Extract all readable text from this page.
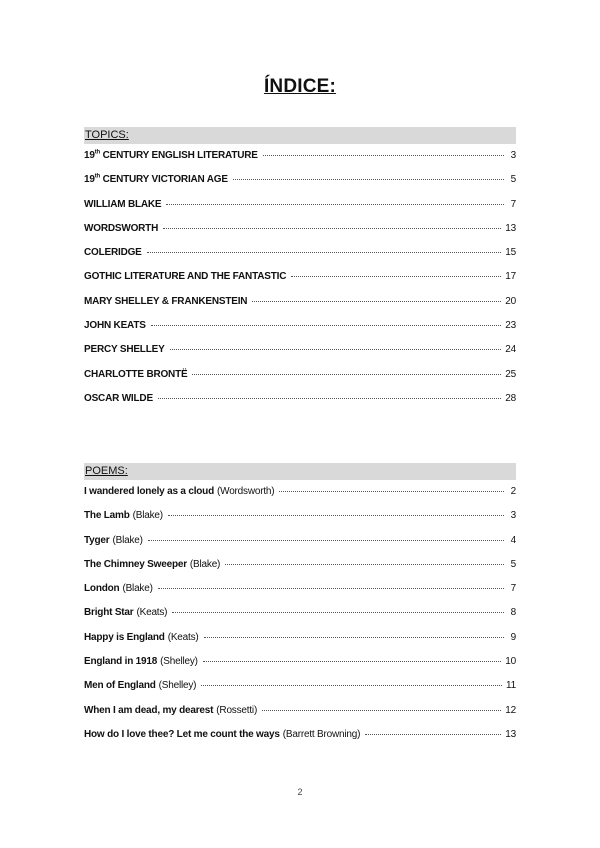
ÍNDICE:
TOPICS:
19th CENTURY ENGLISH LITERATURE	3
19th CENTURY VICTORIAN AGE	5
WILLIAM BLAKE	7
WORDSWORTH	13
COLERIDGE	15
GOTHIC LITERATURE AND THE FANTASTIC	17
MARY SHELLEY & FRANKENSTEIN	20
JOHN KEATS	23
PERCY SHELLEY	24
CHARLOTTE BRONTË	25
OSCAR WILDE	28
POEMS:
I wandered lonely as a cloud (Wordsworth)	2
The Lamb (Blake)	3
Tyger (Blake)	4
The Chimney Sweeper (Blake)	5
London (Blake)	7
Bright Star (Keats)	8
Happy is England (Keats)	9
England in 1918 (Shelley)	10
Men of England (Shelley)	11
When I am dead, my dearest (Rossetti)	12
How do I love thee? Let me count the ways (Barrett Browning)	13
2
